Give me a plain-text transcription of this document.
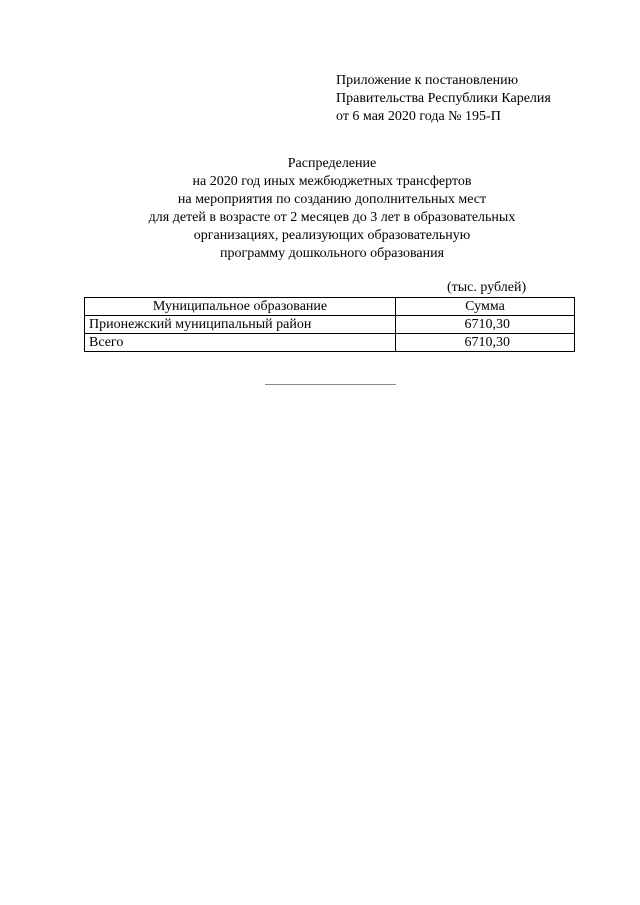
Приложение к постановлению
Правительства Республики Карелия
от 6 мая 2020 года № 195-П
Распределение
на 2020 год иных межбюджетных трансфертов
на мероприятия по созданию дополнительных мест
для детей в возрасте от 2 месяцев до 3 лет в образовательных
организациях, реализующих образовательную
программу дошкольного образования
(тыс. рублей)
Муниципальное образование	Сумма
Прионежский муниципальный район	6710,30
Всего	6710,30
